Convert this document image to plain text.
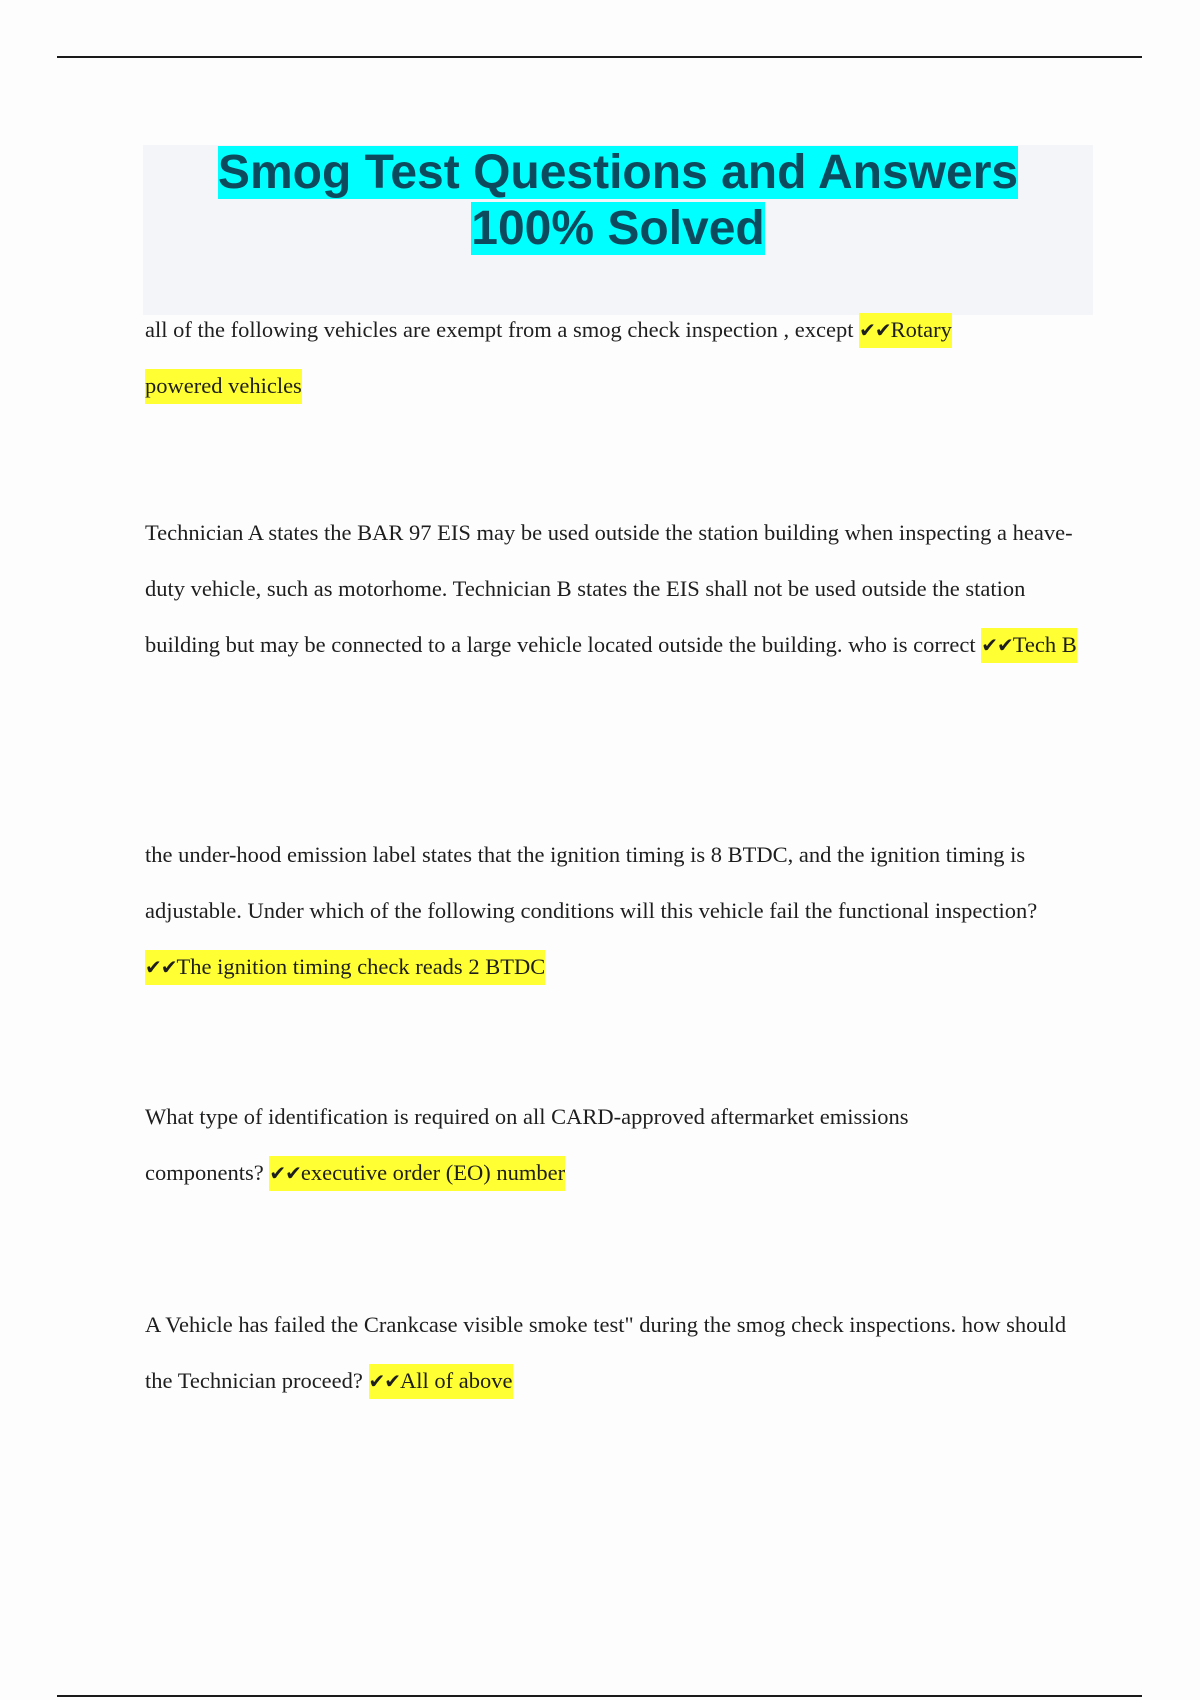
Smog Test Questions and Answers
100% Solved

all of the following vehicles are exempt from a smog check inspection , except ✔✔Rotary powered vehicles

Technician A states the BAR 97 EIS may be used outside the station building when inspecting a heave-duty vehicle, such as motorhome. Technician B states the EIS shall not be used outside the station building but may be connected to a large vehicle located outside the building. who is correct ✔✔Tech B

the under-hood emission label states that the ignition timing is 8 BTDC, and the ignition timing is adjustable. Under which of the following conditions will this vehicle fail the functional inspection? ✔✔The ignition timing check reads 2 BTDC

What type of identification is required on all CARD-approved aftermarket emissions components? ✔✔executive order (EO) number

A Vehicle has failed the Crankcase visible smoke test" during the smog check inspections. how should the Technician proceed? ✔✔All of above
